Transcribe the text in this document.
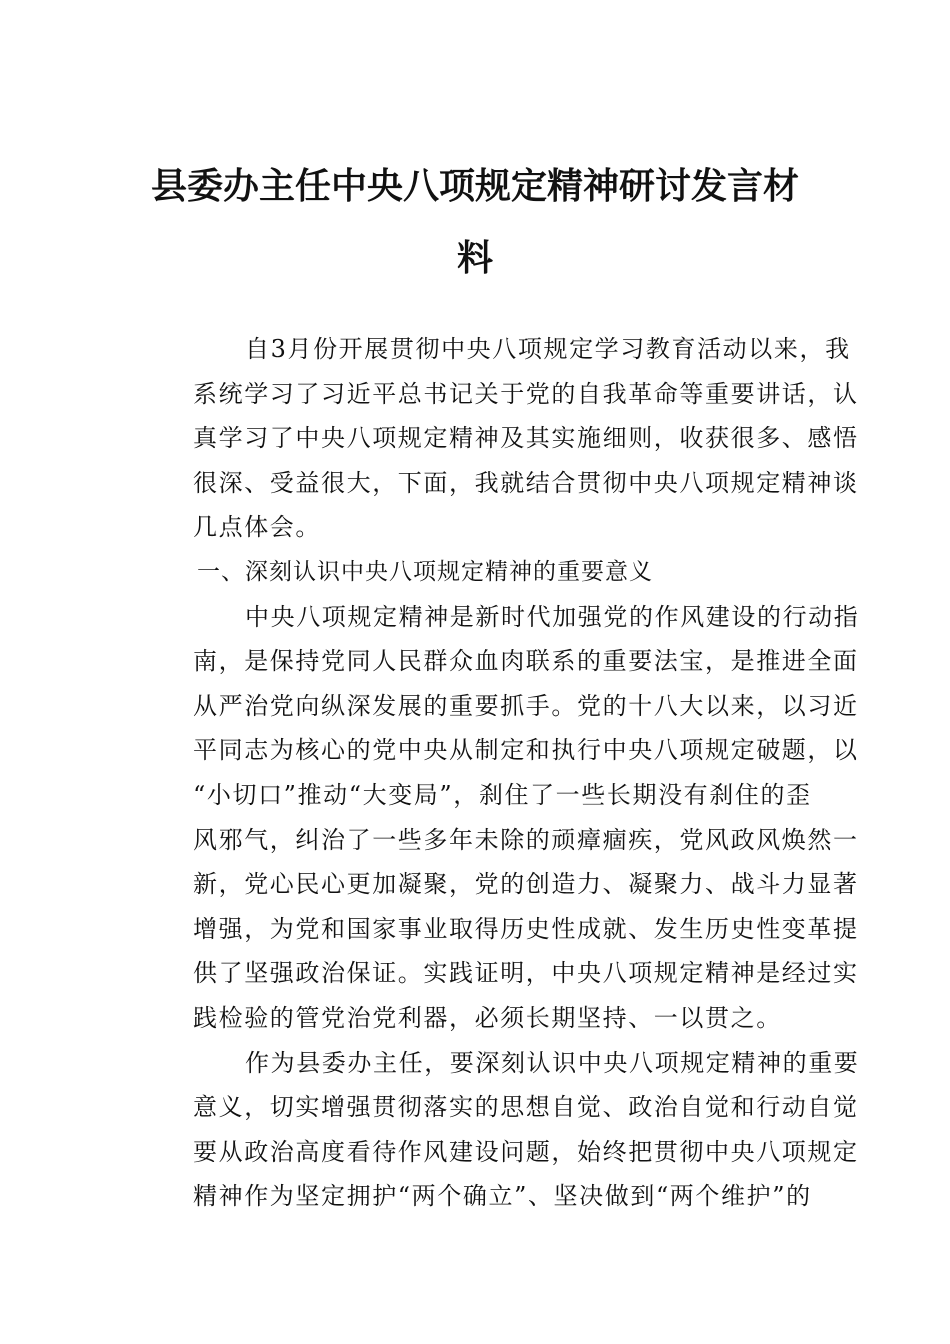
县委办主任中央八项规定精神研讨发言材
料
自3月份开展贯彻中央八项规定学习教育活动以来，我
系统学习了习近平总书记关于党的自我革命等重要讲话，认
真学习了中央八项规定精神及其实施细则，收获很多、感悟
很深、受益很大，下面，我就结合贯彻中央八项规定精神谈
几点体会。
一、深刻认识中央八项规定精神的重要意义
中央八项规定精神是新时代加强党的作风建设的行动指
南，是保持党同人民群众血肉联系的重要法宝，是推进全面
从严治党向纵深发展的重要抓手。党的十八大以来，以习近
平同志为核心的党中央从制定和执行中央八项规定破题，以
“小切口”推动“大变局”，刹住了一些长期没有刹住的歪
风邪气，纠治了一些多年未除的顽瘴痼疾，党风政风焕然一
新，党心民心更加凝聚，党的创造力、凝聚力、战斗力显著
增强，为党和国家事业取得历史性成就、发生历史性变革提
供了坚强政治保证。实践证明，中央八项规定精神是经过实
践检验的管党治党利器，必须长期坚持、一以贯之。
作为县委办主任，要深刻认识中央八项规定精神的重要
意义，切实增强贯彻落实的思想自觉、政治自觉和行动自觉
要从政治高度看待作风建设问题，始终把贯彻中央八项规定
精神作为坚定拥护“两个确立”、坚决做到“两个维护”的
